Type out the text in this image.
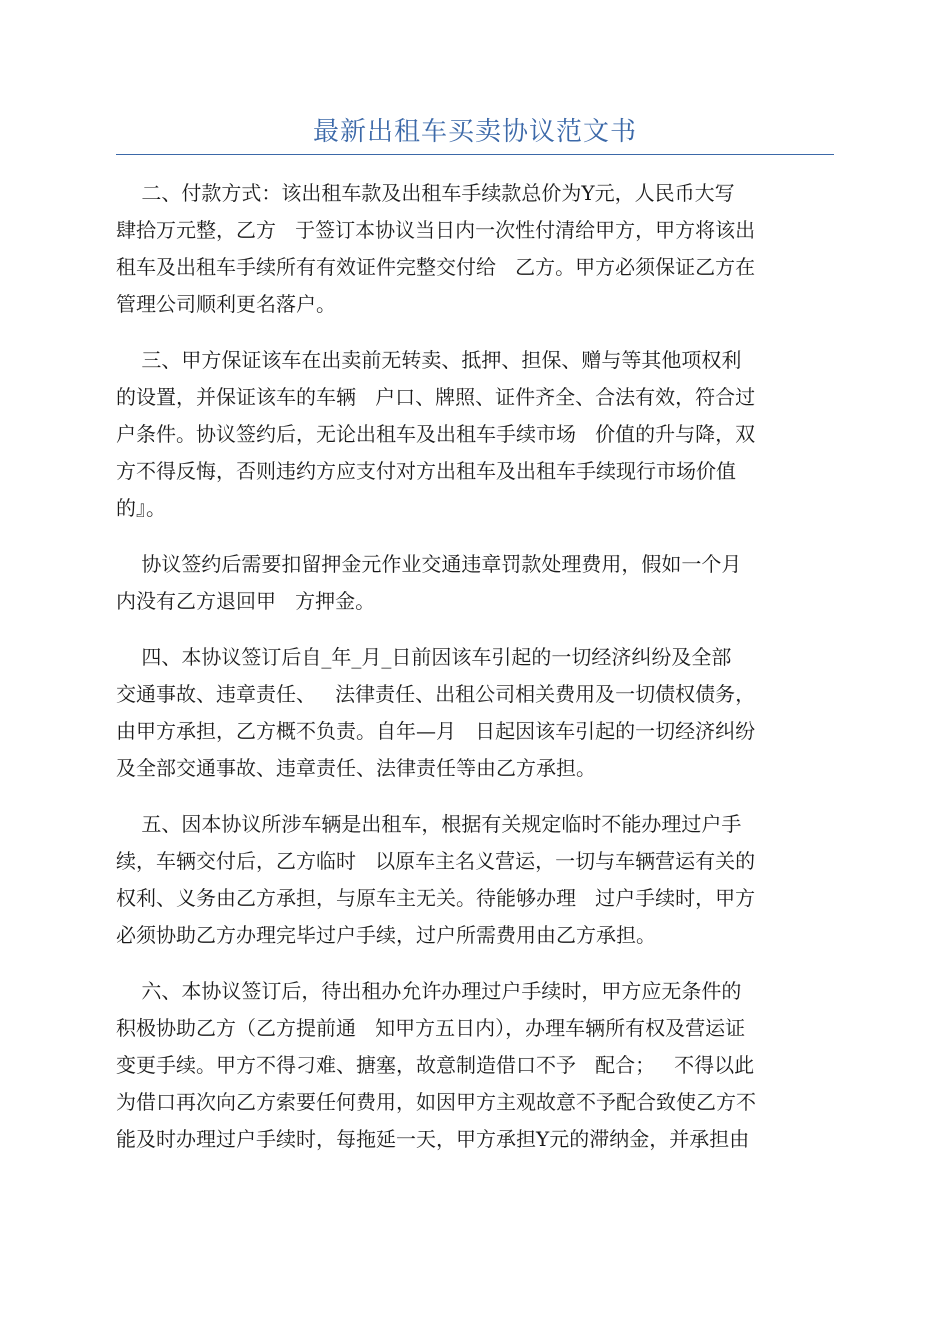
最新出租车买卖协议范文书
二、付款方式：该出租车款及出租车手续款总价为Y元，人民币大写
肆拾万元整，乙方   于签订本协议当日内一次性付清给甲方，甲方将该出
租车及出租车手续所有有效证件完整交付给   乙方。甲方必须保证乙方在
管理公司顺利更名落户。
三、甲方保证该车在出卖前无转卖、抵押、担保、赠与等其他项权利
的设置，并保证该车的车辆   户口、牌照、证件齐全、合法有效，符合过
户条件。协议签约后，无论出租车及出租车手续市场   价值的升与降，双
方不得反悔，否则违约方应支付对方出租车及出租车手续现行市场价值
的』。
协议签约后需要扣留押金元作业交通违章罚款处理费用，假如一个月
内没有乙方退回甲   方押金。
四、本协议签订后自_年_月_日前因该车引起的一切经济纠纷及全部
交通事故、违章责任、   法律责任、出租公司相关费用及一切债权债务，
由甲方承担，乙方概不负责。自年—月   日起因该车引起的一切经济纠纷
及全部交通事故、违章责任、法律责任等由乙方承担。
五、因本协议所涉车辆是出租车，根据有关规定临时不能办理过户手
续，车辆交付后，乙方临时   以原车主名义营运，一切与车辆营运有关的
权利、义务由乙方承担，与原车主无关。待能够办理   过户手续时，甲方
必须协助乙方办理完毕过户手续，过户所需费用由乙方承担。
六、本协议签订后，待出租办允许办理过户手续时，甲方应无条件的
积极协助乙方（乙方提前通   知甲方五日内），办理车辆所有权及营运证
变更手续。甲方不得刁难、搪塞，故意制造借口不予   配合；   不得以此
为借口再次向乙方索要任何费用，如因甲方主观故意不予配合致使乙方不
能及时办理过户手续时，每拖延一天，甲方承担Y元的滞纳金，并承担由
